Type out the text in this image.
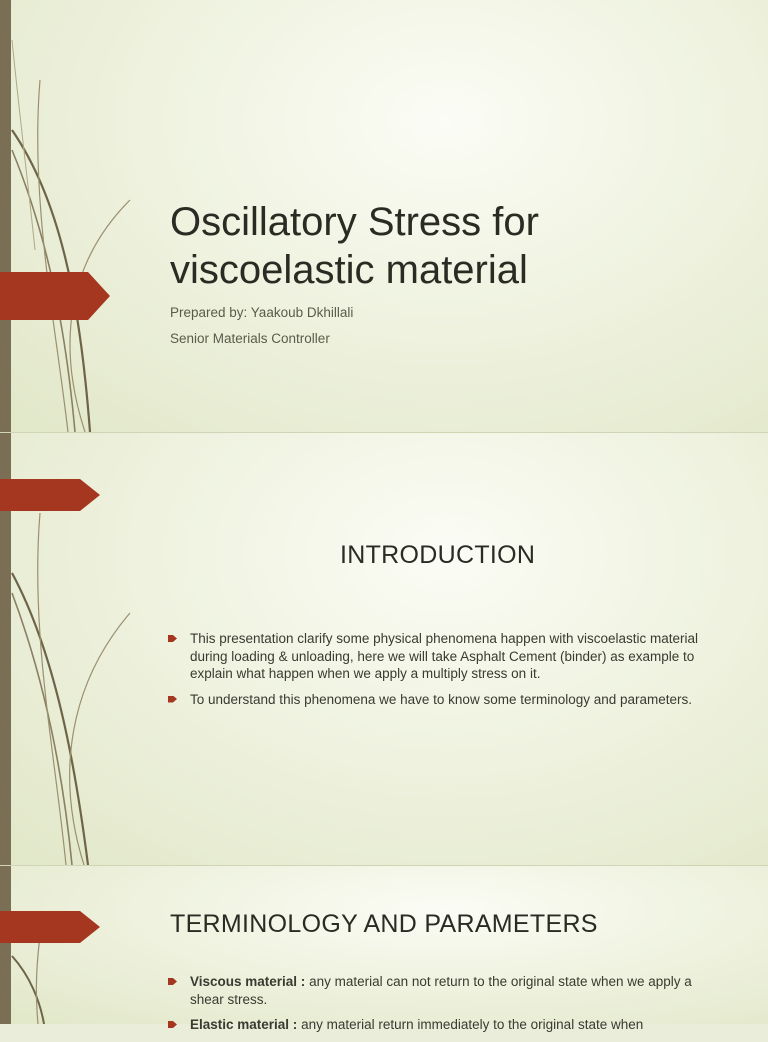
Oscillatory Stress for
viscoelastic material
Prepared by: Yaakoub Dkhillali
Senior Materials Controller
INTRODUCTION
This presentation clarify some physical phenomena happen with viscoelastic material during loading & unloading, here we will take Asphalt Cement (binder) as example to explain what happen when we apply a multiply stress on it.
To understand this phenomena we have to know some terminology and parameters.
TERMINOLOGY AND PARAMETERS
Viscous material : any material can not return to the original state when we apply a shear stress.
Elastic material : any material return immediately to the original state when
